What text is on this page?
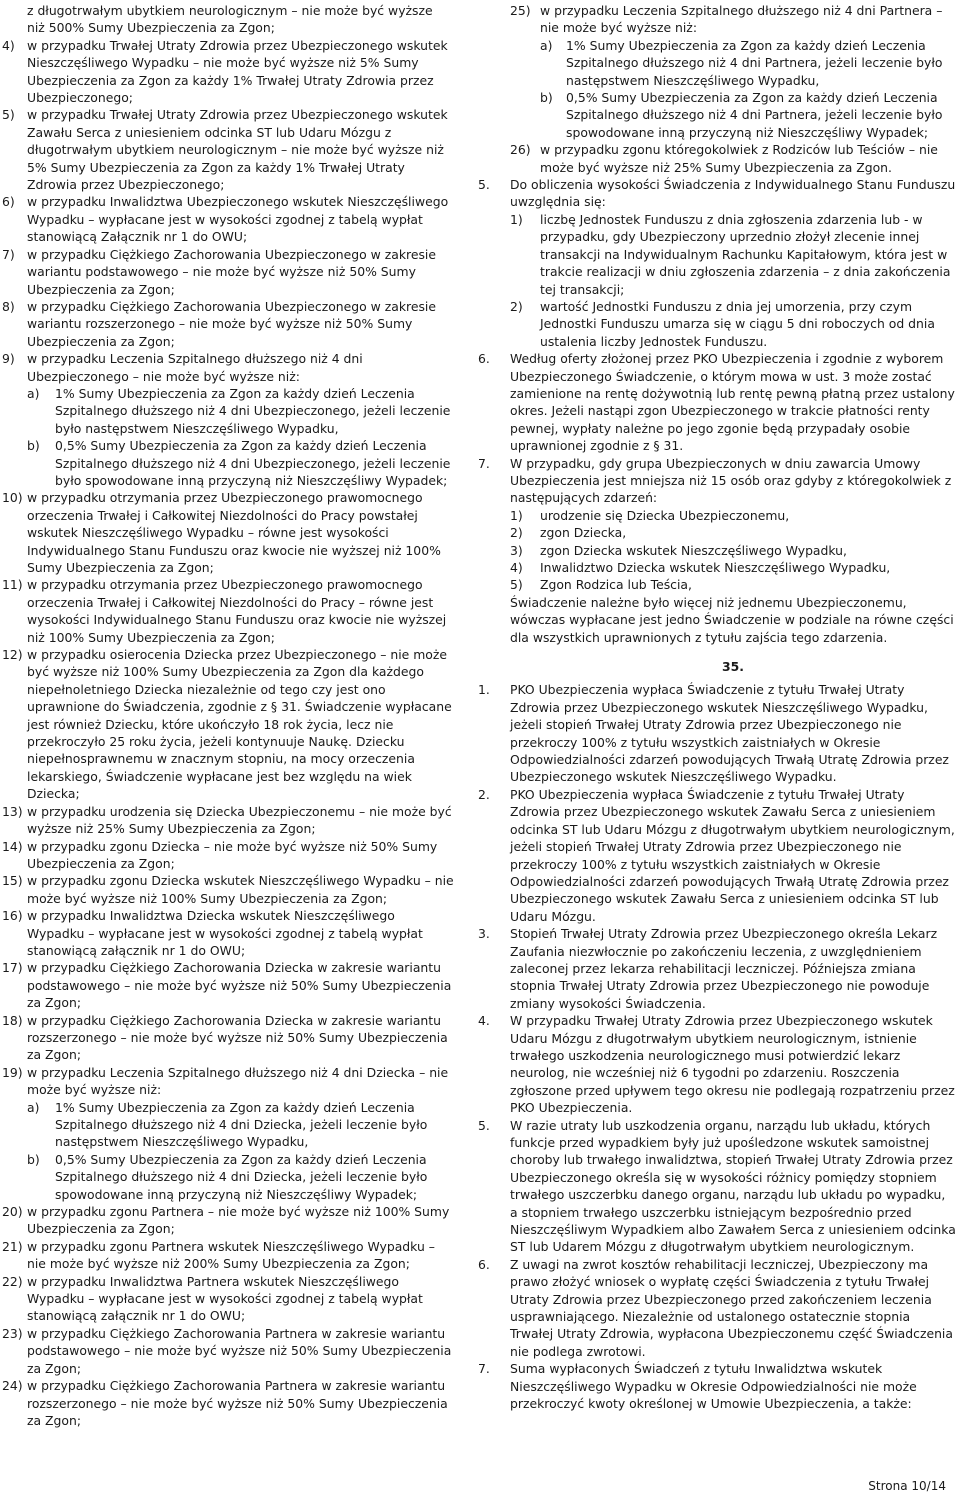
z długotrwałym ubytkiem neurologicznym – nie może być wyższe niż 500% Sumy Ubezpieczenia za Zgon;
4) w przypadku Trwałej Utraty Zdrowia przez Ubezpieczonego wskutek Nieszczęśliwego Wypadku – nie może być wyższe niż 5% Sumy Ubezpieczenia za Zgon za każdy 1% Trwałej Utraty Zdrowia przez Ubezpieczonego;
5) w przypadku Trwałej Utraty Zdrowia przez Ubezpieczonego wskutek Zawału Serca z uniesieniem odcinka ST lub Udaru Mózgu z długotrwałym ubytkiem neurologicznym – nie może być wyższe niż 5% Sumy Ubezpieczenia za Zgon za każdy 1% Trwałej Utraty Zdrowia przez Ubezpieczonego;
6) w przypadku Inwalidztwa Ubezpieczonego wskutek Nieszczęśliwego Wypadku – wypłacane jest w wysokości zgodnej z tabelą wypłat stanowiącą Załącznik nr 1 do OWU;
7) w przypadku Ciężkiego Zachorowania Ubezpieczonego w zakresie wariantu podstawowego – nie może być wyższe niż 50% Sumy Ubezpieczenia za Zgon;
8) w przypadku Ciężkiego Zachorowania Ubezpieczonego w zakresie wariantu rozszerzonego – nie może być wyższe niż 50% Sumy Ubezpieczenia za Zgon;
9) w przypadku Leczenia Szpitalnego dłuższego niż 4 dni Ubezpieczonego – nie może być wyższe niż:
a)	1% Sumy Ubezpieczenia za Zgon za każdy dzień Leczenia Szpitalnego dłuższego niż 4 dni Ubezpieczonego, jeżeli leczenie było następstwem Nieszczęśliwego Wypadku,
b)	0,5% Sumy Ubezpieczenia za Zgon za każdy dzień Leczenia Szpitalnego dłuższego niż 4 dni Ubezpieczonego, jeżeli leczenie było spowodowane inną przyczyną niż Nieszczęśliwy Wypadek;
10) w przypadku otrzymania przez Ubezpieczonego prawomocnego orzeczenia Trwałej i Całkowitej Niezdolności do Pracy powstałej wskutek Nieszczęśliwego Wypadku – równe jest wysokości Indywidualnego Stanu Funduszu oraz kwocie nie wyższej niż 100% Sumy Ubezpieczenia za Zgon;
11) w przypadku otrzymania przez Ubezpieczonego prawomocnego orzeczenia Trwałej i Całkowitej Niezdolności do Pracy – równe jest wysokości Indywidualnego Stanu Funduszu oraz kwocie nie wyższej niż 100% Sumy Ubezpieczenia za Zgon;
12) w przypadku osierocenia Dziecka przez Ubezpieczonego – nie może być wyższe niż 100% Sumy Ubezpieczenia za Zgon dla każdego niepełnoletniego Dziecka niezależnie od tego czy jest ono uprawnione do Świadczenia, zgodnie z § 31. Świadczenie wypłacane jest również Dziecku, które ukończyło 18 rok życia, lecz nie przekroczyło 25 roku życia, jeżeli kontynuuje Naukę. Dziecku niepełnosprawnemu w znacznym stopniu, na mocy orzeczenia lekarskiego, Świadczenie wypłacane jest bez względu na wiek Dziecka;
13) w przypadku urodzenia się Dziecka Ubezpieczonemu – nie może być wyższe niż 25% Sumy Ubezpieczenia za Zgon;
14) w przypadku zgonu Dziecka – nie może być wyższe niż 50% Sumy Ubezpieczenia za Zgon;
15) w przypadku zgonu Dziecka wskutek Nieszczęśliwego Wypadku – nie może być wyższe niż 100% Sumy Ubezpieczenia za Zgon;
16) w przypadku Inwalidztwa Dziecka wskutek Nieszczęśliwego Wypadku – wypłacane jest w wysokości zgodnej z tabelą wypłat stanowiącą załącznik nr 1 do OWU;
17) w przypadku Ciężkiego Zachorowania Dziecka w zakresie wariantu podstawowego – nie może być wyższe niż 50% Sumy Ubezpieczenia za Zgon;
18) w przypadku Ciężkiego Zachorowania Dziecka w zakresie wariantu rozszerzonego – nie może być wyższe niż 50% Sumy Ubezpieczenia za Zgon;
19) w przypadku Leczenia Szpitalnego dłuższego niż 4 dni Dziecka – nie może być wyższe niż:
a)	1% Sumy Ubezpieczenia za Zgon za każdy dzień Leczenia Szpitalnego dłuższego niż 4 dni Dziecka, jeżeli leczenie było następstwem Nieszczęśliwego Wypadku,
b)	0,5% Sumy Ubezpieczenia za Zgon za każdy dzień Leczenia Szpitalnego dłuższego niż 4 dni Dziecka, jeżeli leczenie było spowodowane inną przyczyną niż Nieszczęśliwy Wypadek;
20) w przypadku zgonu Partnera – nie może być wyższe niż 100% Sumy Ubezpieczenia za Zgon;
21) w przypadku zgonu Partnera wskutek Nieszczęśliwego Wypadku – nie może być wyższe niż 200% Sumy Ubezpieczenia za Zgon;
22) w przypadku Inwalidztwa Partnera wskutek Nieszczęśliwego Wypadku – wypłacane jest w wysokości zgodnej z tabelą wypłat stanowiącą załącznik nr 1 do OWU;
23) w przypadku Ciężkiego Zachorowania Partnera w zakresie wariantu podstawowego – nie może być wyższe niż 50% Sumy Ubezpieczenia za Zgon;
24) w przypadku Ciężkiego Zachorowania Partnera w zakresie wariantu rozszerzonego – nie może być wyższe niż 50% Sumy Ubezpieczenia za Zgon;
25) w przypadku Leczenia Szpitalnego dłuższego niż 4 dni Partnera – nie może być wyższe niż:
a)	1% Sumy Ubezpieczenia za Zgon za każdy dzień Leczenia Szpitalnego dłuższego niż 4 dni Partnera, jeżeli leczenie było następstwem Nieszczęśliwego Wypadku,
b)	0,5% Sumy Ubezpieczenia za Zgon za każdy dzień Leczenia Szpitalnego dłuższego niż 4 dni Partnera, jeżeli leczenie było spowodowane inną przyczyną niż Nieszczęśliwy Wypadek;
26) w przypadku zgonu któregokolwiek z Rodziców lub Teściów – nie może być wyższe niż 25% Sumy Ubezpieczenia za Zgon.
5.	Do obliczenia wysokości Świadczenia z Indywidualnego Stanu Funduszu uwzględnia się:
1)	liczbę Jednostek Funduszu z dnia zgłoszenia zdarzenia lub - w przypadku, gdy Ubezpieczony uprzednio złożył zlecenie innej transakcji na Indywidualnym Rachunku Kapitałowym, która jest w trakcie realizacji w dniu zgłoszenia zdarzenia – z dnia zakończenia tej transakcji;
2)	wartość Jednostki Funduszu z dnia jej umorzenia, przy czym Jednostki Funduszu umarza się w ciągu 5 dni roboczych od dnia ustalenia liczby Jednostek Funduszu.
6.	Według oferty złożonej przez PKO Ubezpieczenia i zgodnie z wyborem Ubezpieczonego Świadczenie, o którym mowa w ust. 3 może zostać zamienione na rentę dożywotnią lub rentę pewną płatną przez ustalony okres. Jeżeli nastąpi zgon Ubezpieczonego w trakcie płatności renty pewnej, wypłaty należne po jego zgonie będą przypadały osobie uprawnionej zgodnie z § 31.
7.	W przypadku, gdy grupa Ubezpieczonych w dniu zawarcia Umowy Ubezpieczenia jest mniejsza niż 15 osób oraz gdyby z któregokolwiek z następujących zdarzeń:
1)	urodzenie się Dziecka Ubezpieczonemu,
2)	zgon Dziecka,
3)	zgon Dziecka wskutek Nieszczęśliwego Wypadku,
4)	Inwalidztwo Dziecka wskutek Nieszczęśliwego Wypadku,
5)	Zgon Rodzica lub Teścia,
Świadczenie należne było więcej niż jednemu Ubezpieczonemu, wówczas wypłacane jest jedno Świadczenie w podziale na równe części dla wszystkich uprawnionych z tytułu zajścia tego zdarzenia.
35.
1.	PKO Ubezpieczenia wypłaca Świadczenie z tytułu Trwałej Utraty Zdrowia przez Ubezpieczonego wskutek Nieszczęśliwego Wypadku, jeżeli stopień Trwałej Utraty Zdrowia przez Ubezpieczonego nie przekroczy 100% z tytułu wszystkich zaistniałych w Okresie Odpowiedzialności zdarzeń powodujących Trwałą Utratę Zdrowia przez Ubezpieczonego wskutek Nieszczęśliwego Wypadku.
2.	PKO Ubezpieczenia wypłaca Świadczenie z tytułu Trwałej Utraty Zdrowia przez Ubezpieczonego wskutek Zawału Serca z uniesieniem odcinka ST lub Udaru Mózgu z długotrwałym ubytkiem neurologicznym, jeżeli stopień Trwałej Utraty Zdrowia przez Ubezpieczonego nie przekroczy 100% z tytułu wszystkich zaistniałych w Okresie Odpowiedzialności zdarzeń powodujących Trwałą Utratę Zdrowia przez Ubezpieczonego wskutek Zawału Serca z uniesieniem odcinka ST lub Udaru Mózgu.
3.	Stopień Trwałej Utraty Zdrowia przez Ubezpieczonego określa Lekarz Zaufania niezwłocznie po zakończeniu leczenia, z uwzględnieniem zaleconej przez lekarza rehabilitacji leczniczej. Późniejsza zmiana stopnia Trwałej Utraty Zdrowia przez Ubezpieczonego nie powoduje zmiany wysokości Świadczenia.
4.	W przypadku Trwałej Utraty Zdrowia przez Ubezpieczonego wskutek Udaru Mózgu z długotrwałym ubytkiem neurologicznym, istnienie trwałego uszkodzenia neurologicznego musi potwierdzić lekarz neurolog, nie wcześniej niż 6 tygodni po zdarzeniu. Roszczenia zgłoszone przed upływem tego okresu nie podlegają rozpatrzeniu przez PKO Ubezpieczenia.
5.	W razie utraty lub uszkodzenia organu, narządu lub układu, których funkcje przed wypadkiem były już upośledzone wskutek samoistnej choroby lub trwałego inwalidztwa, stopień Trwałej Utraty Zdrowia przez Ubezpieczonego określa się w wysokości różnicy pomiędzy stopniem trwałego uszczerbku danego organu, narządu lub układu po wypadku, a stopniem trwałego uszczerbku istniejącym bezpośrednio przed Nieszczęśliwym Wypadkiem albo Zawałem Serca z uniesieniem odcinka ST lub Udarem Mózgu z długotrwałym ubytkiem neurologicznym.
6.	Z uwagi na zwrot kosztów rehabilitacji leczniczej, Ubezpieczony ma prawo złożyć wniosek o wypłatę części Świadczenia z tytułu Trwałej Utraty Zdrowia przez Ubezpieczonego przed zakończeniem leczenia usprawniającego. Niezależnie od ustalonego ostatecznie stopnia Trwałej Utraty Zdrowia, wypłacona Ubezpieczonemu część Świadczenia nie podlega zwrotowi.
7.	Suma wypłaconych Świadczeń z tytułu Inwalidztwa wskutek Nieszczęśliwego Wypadku w Okresie Odpowiedzialności nie może przekroczyć kwoty określonej w Umowie Ubezpieczenia, a także:
Strona 10/14
